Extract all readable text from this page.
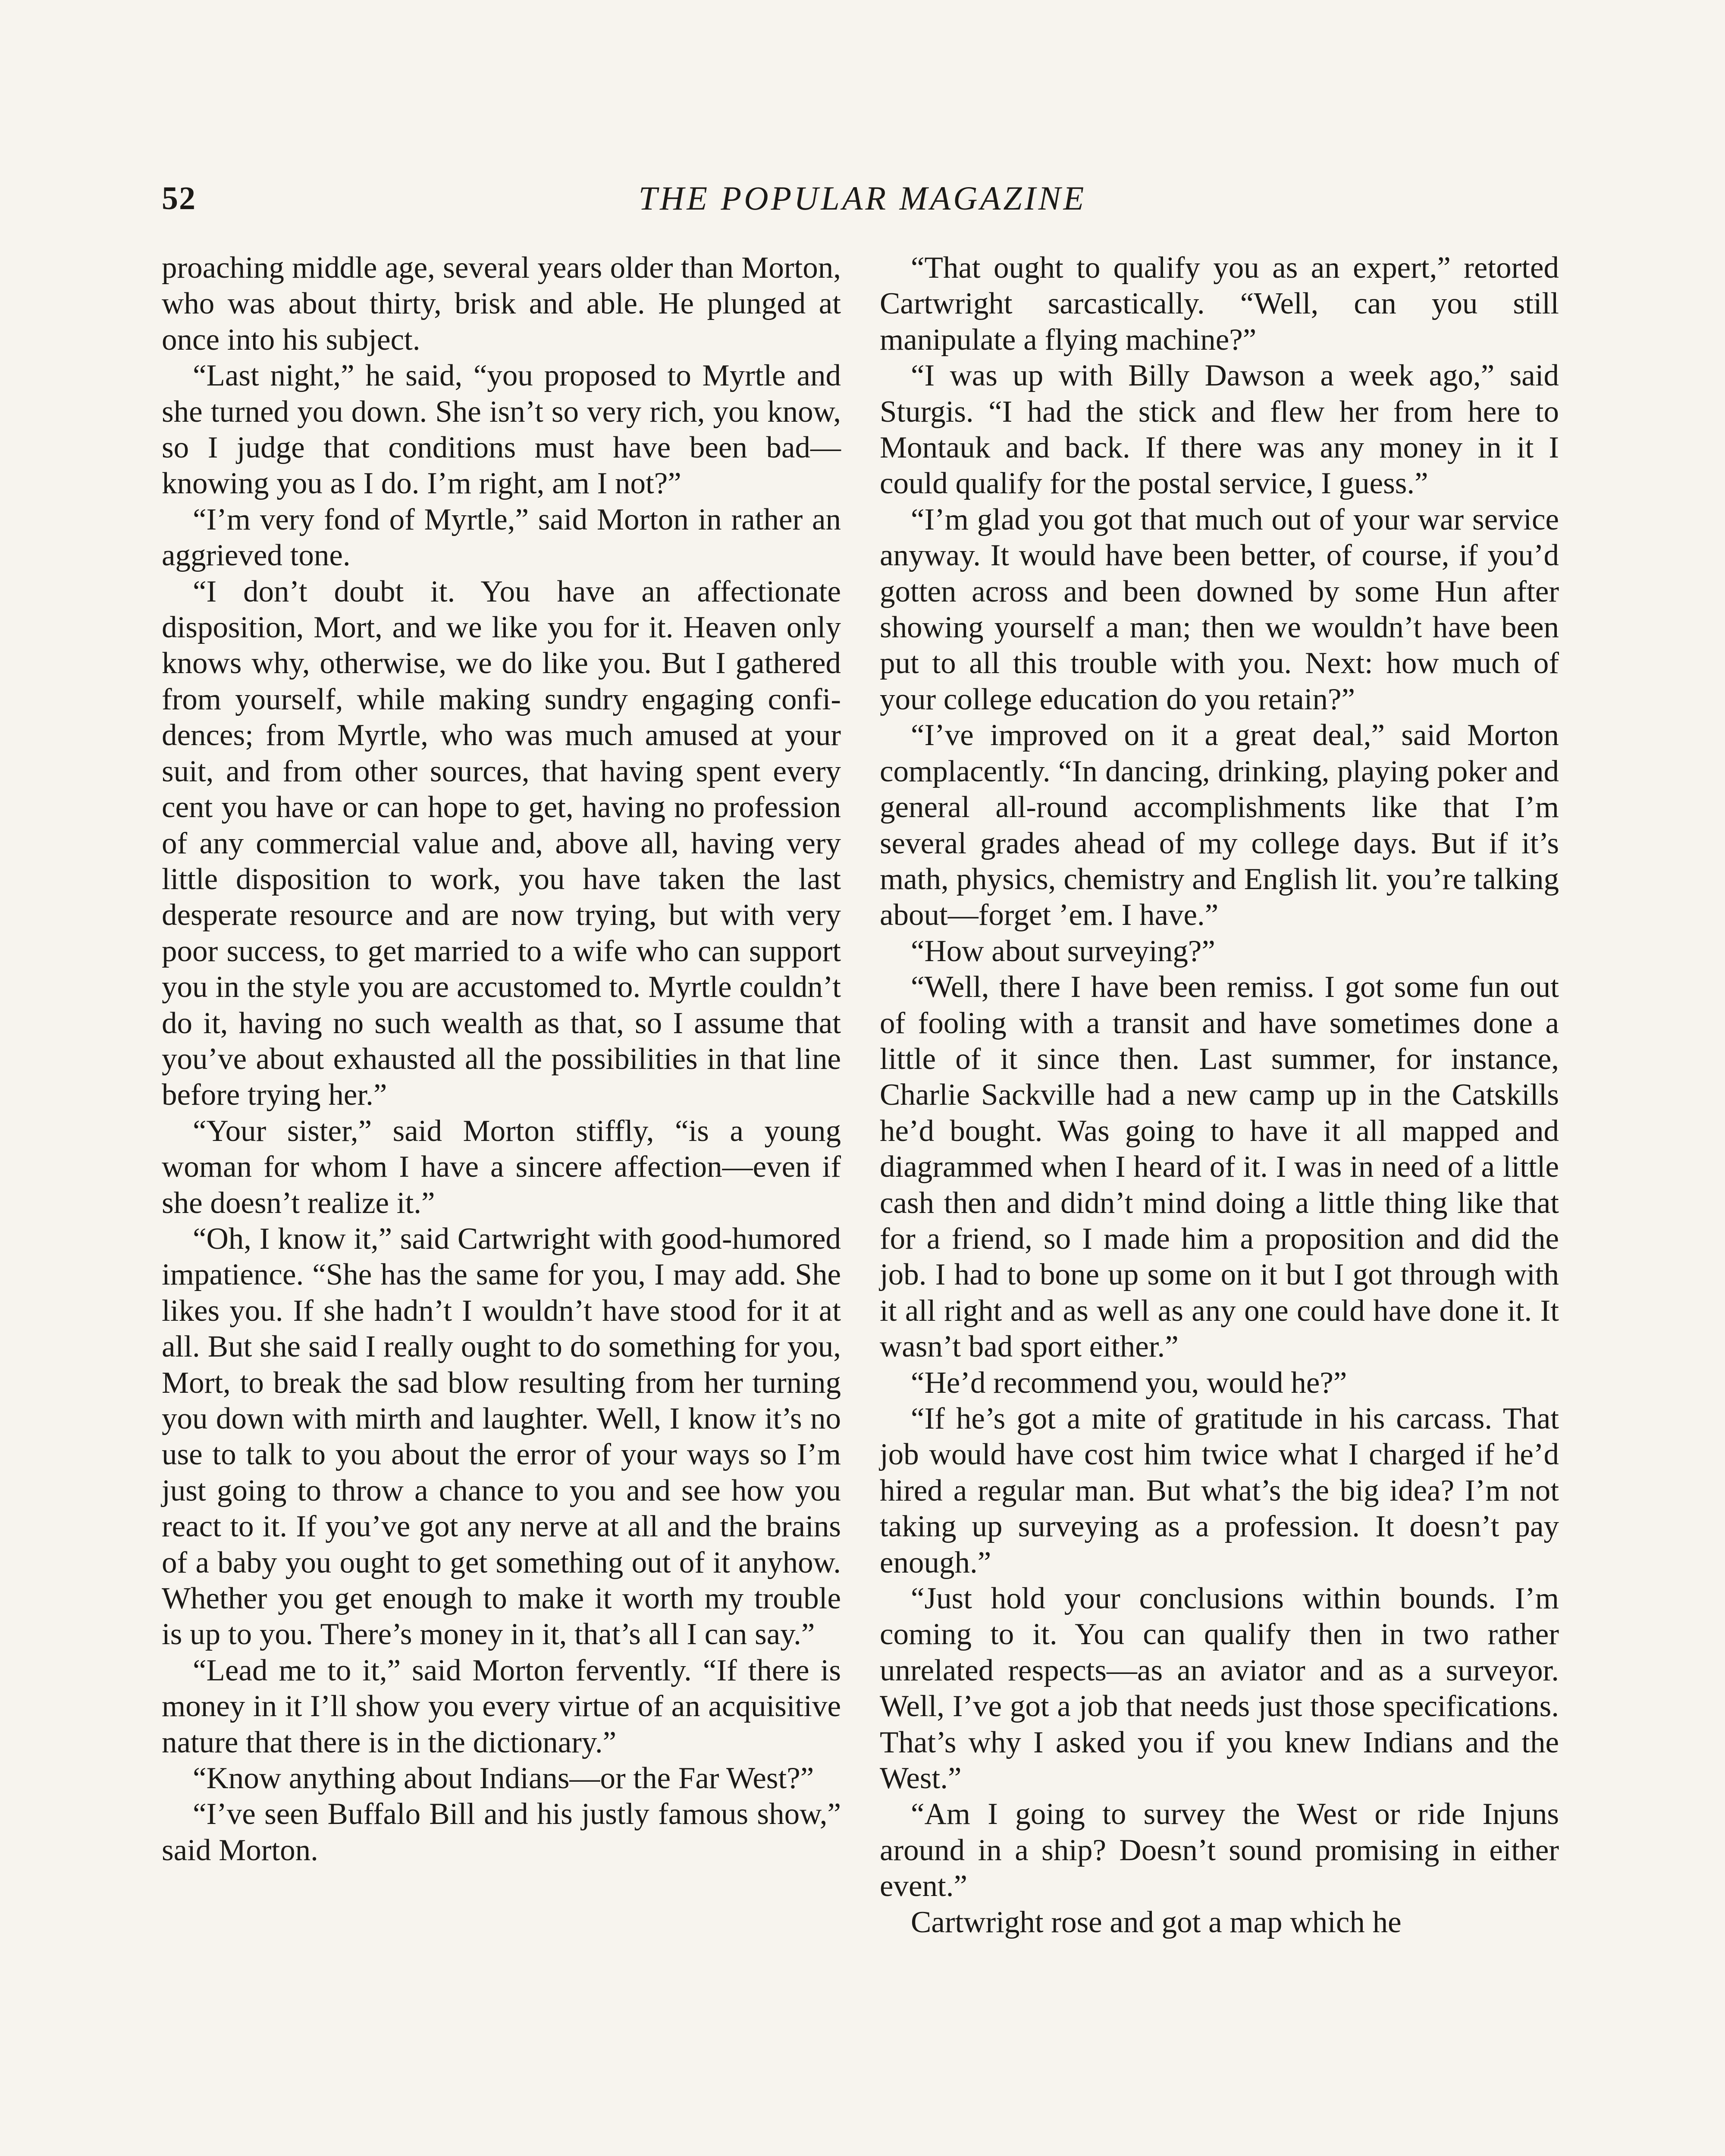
52	THE POPULAR MAGAZINE

proaching middle age, several years older than Morton, who was about thirty, brisk and able. He plunged at once into his subject.

“Last night,” he said, “you proposed to Myrtle and she turned you down. She isn’t so very rich, you know, so I judge that conditions must have been bad—knowing you as I do. I’m right, am I not?”

“I’m very fond of Myrtle,” said Morton in rather an aggrieved tone.

“I don’t doubt it. You have an affectionate disposition, Mort, and we like you for it. Heaven only knows why, otherwise, we do like you. But I gathered from yourself, while making sundry engaging confidences; from Myrtle, who was much amused at your suit, and from other sources, that having spent every cent you have or can hope to get, having no profession of any commercial value and, above all, having very little disposition to work, you have taken the last desperate resource and are now trying, but with very poor success, to get married to a wife who can support you in the style you are accustomed to. Myrtle couldn’t do it, having no such wealth as that, so I assume that you’ve about exhausted all the possibilities in that line before trying her.”

“Your sister,” said Morton stiffly, “is a young woman for whom I have a sincere affection—even if she doesn’t realize it.”

“Oh, I know it,” said Cartwright with good-humored impatience. “She has the same for you, I may add. She likes you. If she hadn’t I wouldn’t have stood for it at all. But she said I really ought to do something for you, Mort, to break the sad blow resulting from her turning you down with mirth and laughter. Well, I know it’s no use to talk to you about the error of your ways so I’m just going to throw a chance to you and see how you react to it. If you’ve got any nerve at all and the brains of a baby you ought to get something out of it anyhow. Whether you get enough to make it worth my trouble is up to you. There’s money in it, that’s all I can say.”

“Lead me to it,” said Morton fervently. “If there is money in it I’ll show you every virtue of an acquisitive nature that there is in the dictionary.”

“Know anything about Indians—or the Far West?”

“I’ve seen Buffalo Bill and his justly famous show,” said Morton.

“That ought to qualify you as an expert,” retorted Cartwright sarcastically. “Well, can you still manipulate a flying machine?”

“I was up with Billy Dawson a week ago,” said Sturgis. “I had the stick and flew her from here to Montauk and back. If there was any money in it I could qualify for the postal service, I guess.”

“I’m glad you got that much out of your war service anyway. It would have been better, of course, if you’d gotten across and been downed by some Hun after showing yourself a man; then we wouldn’t have been put to all this trouble with you. Next: how much of your college education do you retain?”

“I’ve improved on it a great deal,” said Morton complacently. “In dancing, drinking, playing poker and general all-round accomplishments like that I’m several grades ahead of my college days. But if it’s math, physics, chemistry and English lit. you’re talking about—forget ’em. I have.”

“How about surveying?”

“Well, there I have been remiss. I got some fun out of fooling with a transit and have sometimes done a little of it since then. Last summer, for instance, Charlie Sackville had a new camp up in the Catskills he’d bought. Was going to have it all mapped and diagrammed when I heard of it. I was in need of a little cash then and didn’t mind doing a little thing like that for a friend, so I made him a proposition and did the job. I had to bone up some on it but I got through with it all right and as well as any one could have done it. It wasn’t bad sport either.”

“He’d recommend you, would he?”

“If he’s got a mite of gratitude in his carcass. That job would have cost him twice what I charged if he’d hired a regular man. But what’s the big idea? I’m not taking up surveying as a profession. It doesn’t pay enough.”

“Just hold your conclusions within bounds. I’m coming to it. You can qualify then in two rather unrelated respects—as an aviator and as a surveyor. Well, I’ve got a job that needs just those specifications. That’s why I asked you if you knew Indians and the West.”

“Am I going to survey the West or ride Injuns around in a ship? Doesn’t sound promising in either event.”

Cartwright rose and got a map which he
